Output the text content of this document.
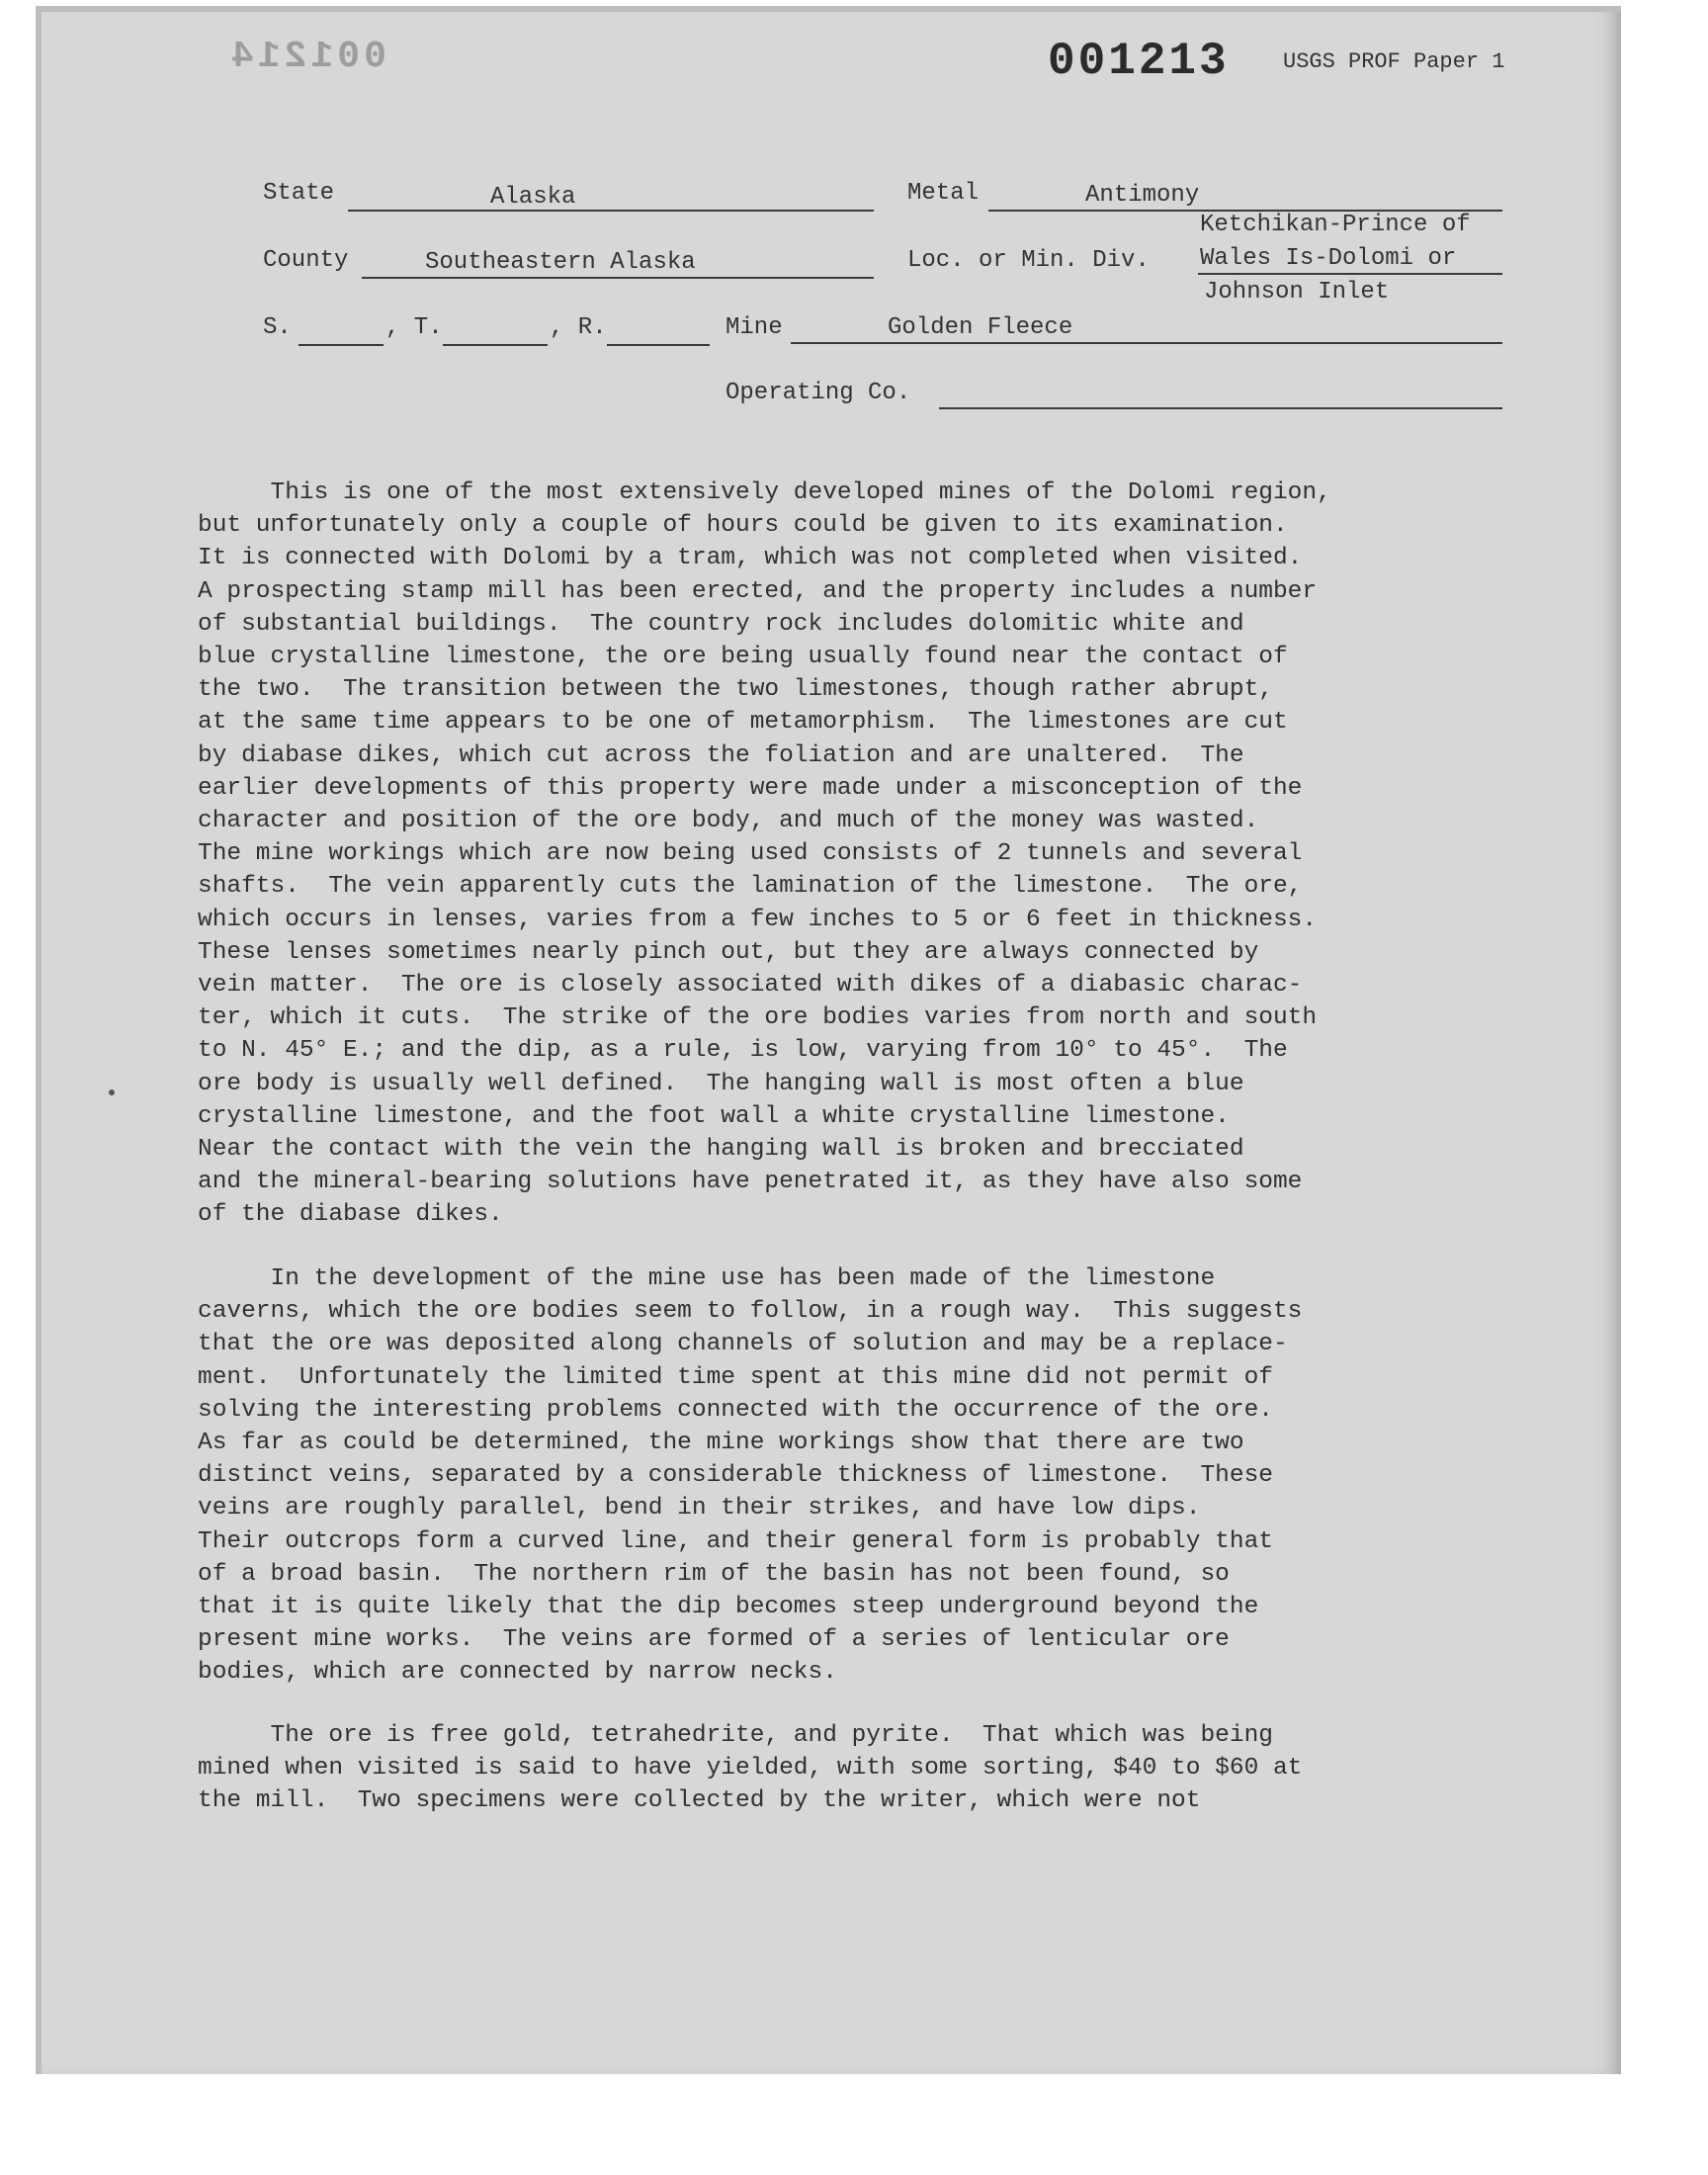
001214	001213 USGS PROF Paper 1
State	Alaska	Metal	Antimony
County	Southeastern Alaska	Loc. or Min. Div.
Ketchikan-Prince of
Wales Is-Dolomi or
Johnson Inlet
S.	, T.	, R.	Mine	Golden Fleece
Operating Co.

This is one of the most extensively developed mines of the Dolomi region,
but unfortunately only a couple of hours could be given to its examination.
It is connected with Dolomi by a tram, which was not completed when visited.
A prospecting stamp mill has been erected, and the property includes a number
of substantial buildings.  The country rock includes dolomitic white and
blue crystalline limestone, the ore being usually found near the contact of
the two.  The transition between the two limestones, though rather abrupt,
at the same time appears to be one of metamorphism.  The limestones are cut
by diabase dikes, which cut across the foliation and are unaltered.  The
earlier developments of this property were made under a misconception of the
character and position of the ore body, and much of the money was wasted.
The mine workings which are now being used consists of 2 tunnels and several
shafts.  The vein apparently cuts the lamination of the limestone.  The ore,
which occurs in lenses, varies from a few inches to 5 or 6 feet in thickness.
These lenses sometimes nearly pinch out, but they are always connected by
vein matter.  The ore is closely associated with dikes of a diabasic charac-
ter, which it cuts.  The strike of the ore bodies varies from north and south
to N. 45° E.; and the dip, as a rule, is low, varying from 10° to 45°.  The
ore body is usually well defined.  The hanging wall is most often a blue
crystalline limestone, and the foot wall a white crystalline limestone.
Near the contact with the vein the hanging wall is broken and brecciated
and the mineral-bearing solutions have penetrated it, as they have also some
of the diabase dikes.

In the development of the mine use has been made of the limestone
caverns, which the ore bodies seem to follow, in a rough way.  This suggests
that the ore was deposited along channels of solution and may be a replace-
ment.  Unfortunately the limited time spent at this mine did not permit of
solving the interesting problems connected with the occurrence of the ore.
As far as could be determined, the mine workings show that there are two
distinct veins, separated by a considerable thickness of limestone.  These
veins are roughly parallel, bend in their strikes, and have low dips.
Their outcrops form a curved line, and their general form is probably that
of a broad basin.  The northern rim of the basin has not been found, so
that it is quite likely that the dip becomes steep underground beyond the
present mine works.  The veins are formed of a series of lenticular ore
bodies, which are connected by narrow necks.

The ore is free gold, tetrahedrite, and pyrite.  That which was being
mined when visited is said to have yielded, with some sorting, $40 to $60 at
the mill.  Two specimens were collected by the writer, which were not
